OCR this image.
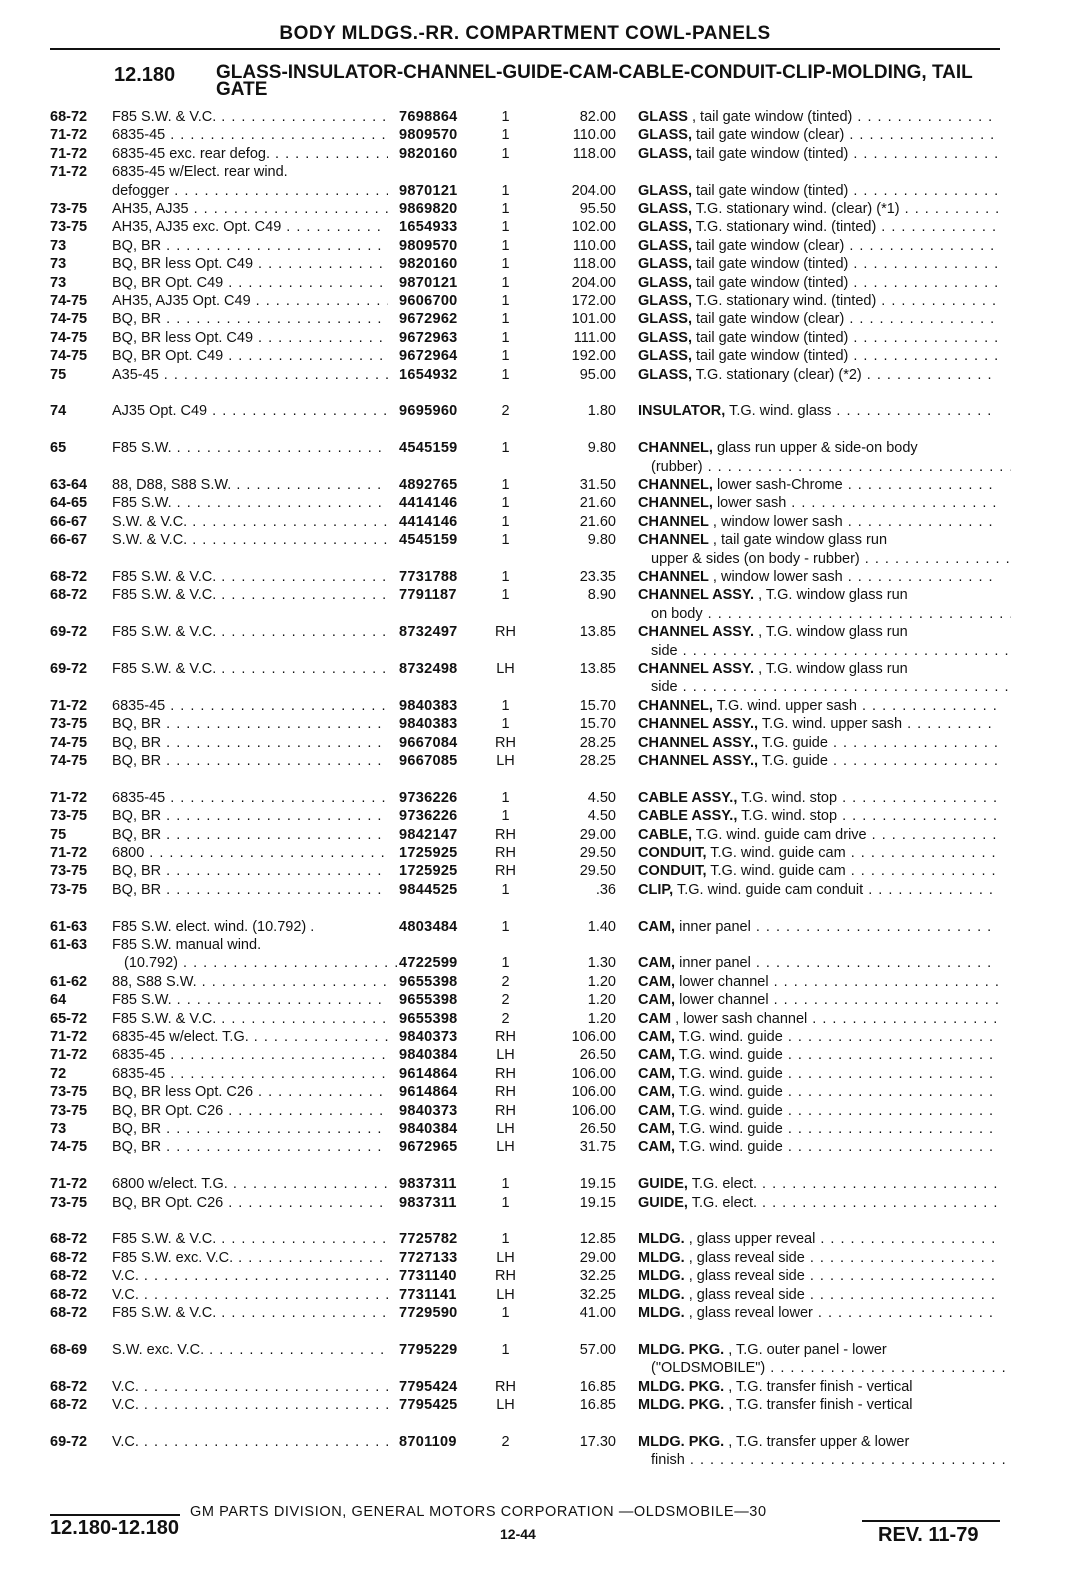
BODY MLDGS.-RR. COMPARTMENT COWL-PANELS
12.180 GLASS-INSULATOR-CHANNEL-GUIDE-CAM-CABLE-CONDUIT-CLIP-MOLDING, TAIL GATE
68-72 F85 S.W. & V.C. . . .	7698864	1	82.00 GLASS , tail gate window (tinted) . . .
71-72 6835-45 . . .	9809570	1	110.00 GLASS, tail gate window (clear) . . .
71-72 6835-45 exc. rear defog. . . .	9820160	1	118.00 GLASS, tail gate window (tinted) . . .
71-72 6835-45 w/Elect. rear wind.
defogger . . .	9870121	1	204.00 GLASS, tail gate window (tinted) . . .
73-75 AH35, AJ35 . . .	9869820	1	95.50 GLASS, T.G. stationary wind. (clear) (*1) . . .
73-75 AH35, AJ35 exc. Opt. C49 . . .	1654933	1	102.00 GLASS, T.G. stationary wind. (tinted) . . .
73	BQ, BR . . .	9809570	1	110.00 GLASS, tail gate window (clear) . . .
73	BQ, BR less Opt. C49 . . .	9820160	1	118.00 GLASS, tail gate window (tinted) . . .
73	BQ, BR Opt. C49 . . .	9870121	1	204.00 GLASS, tail gate window (tinted) . . .
74-75 AH35, AJ35 Opt. C49 . . .	9606700	1	172.00 GLASS, T.G. stationary wind. (tinted) . . .
74-75 BQ, BR . . .	9672962	1	101.00 GLASS, tail gate window (clear) . . .
74-75 BQ, BR less Opt. C49 . . .	9672963	1	111.00 GLASS, tail gate window (tinted) . . .
74-75 BQ, BR Opt. C49 . . .	9672964	1	192.00 GLASS, tail gate window (tinted) . . .
75	A35-45 . . .	1654932	1	95.00 GLASS, T.G. stationary (clear) (*2) . . .
74	AJ35 Opt. C49 . . .	9695960	2	1.80 INSULATOR, T.G. wind. glass . . .
65	F85 S.W. . . .	4545159	1	9.80 CHANNEL, glass run upper & side-on body
(rubber) . . .
63-64 88, D88, S88 S.W. . . .	4892765	1	31.50 CHANNEL, lower sash-Chrome . . .
64-65 F85 S.W. . . .	4414146	1	21.60 CHANNEL, lower sash . . .
66-67 S.W. & V.C. . . .	4414146	1	21.60 CHANNEL , window lower sash . . .
66-67 S.W. & V.C. . . .	4545159	1	9.80 CHANNEL , tail gate window glass run
upper & sides (on body - rubber) . . .
68-72 F85 S.W. & V.C. . . .	7731788	1	23.35 CHANNEL , window lower sash . . .
68-72 F85 S.W. & V.C. . . .	7791187	1	8.90 CHANNEL ASSY. , T.G. window glass run
on body . . .
69-72 F85 S.W. & V.C. . . .	8732497	RH	13.85 CHANNEL ASSY. , T.G. window glass run
side . . .
69-72 F85 S.W. & V.C. . . .	8732498	LH	13.85 CHANNEL ASSY. , T.G. window glass run
side . . .
71-72 6835-45 . . .	9840383	1	15.70 CHANNEL, T.G. wind. upper sash . . .
73-75 BQ, BR . . .	9840383	1	15.70 CHANNEL ASSY., T.G. wind. upper sash . . .
74-75 BQ, BR . . .	9667084	RH	28.25 CHANNEL ASSY., T.G. guide . . .
74-75 BQ, BR . . .	9667085	LH	28.25 CHANNEL ASSY., T.G. guide . . .
71-72 6835-45 . . .	9736226	1	4.50 CABLE ASSY., T.G. wind. stop . . .
73-75 BQ, BR . . .	9736226	1	4.50 CABLE ASSY., T.G. wind. stop . . .
75	BQ, BR . . .	9842147	RH	29.00 CABLE, T.G. wind. guide cam drive . . .
71-72 6800 . . .	1725925	RH	29.50 CONDUIT, T.G. wind. guide cam . . .
73-75 BQ, BR . . .	1725925	RH	29.50 CONDUIT, T.G. wind. guide cam . . .
73-75 BQ, BR . . .	9844525	1	.36 CLIP, T.G. wind. guide cam conduit . . .
61-63 F85 S.W. elect. wind. (10.792) .	4803484	1	1.40 CAM, inner panel . . .
61-63 F85 S.W. manual wind.
(10.792) . . .	4722599	1	1.30 CAM, inner panel . . .
61-62 88, S88 S.W. . . .	9655398	2	1.20 CAM, lower channel . . .
64	F85 S.W. . . .	9655398	2	1.20 CAM, lower channel . . .
65-72 F85 S.W. & V.C. . . .	9655398	2	1.20 CAM , lower sash channel . . .
71-72 6835-45 w/elect. T.G. . . .	9840373	RH	106.00 CAM, T.G. wind. guide . . .
71-72 6835-45 . . .	9840384	LH	26.50 CAM, T.G. wind. guide . . .
72	6835-45 . . .	9614864	RH	106.00 CAM, T.G. wind. guide . . .
73-75 BQ, BR less Opt. C26 . . .	9614864	RH	106.00 CAM, T.G. wind. guide . . .
73-75 BQ, BR Opt. C26 . . .	9840373	RH	106.00 CAM, T.G. wind. guide . . .
73	BQ, BR . . .	9840384	LH	26.50 CAM, T.G. wind. guide . . .
74-75 BQ, BR . . .	9672965	LH	31.75 CAM, T.G. wind. guide . . .
71-72 6800 w/elect. T.G. . . .	9837311	1	19.15 GUIDE, T.G. elect. . . .
73-75 BQ, BR Opt. C26 . . .	9837311	1	19.15 GUIDE, T.G. elect. . . .
68-72 F85 S.W. & V.C. . . .	7725782	1	12.85 MLDG. , glass upper reveal . . .
68-72 F85 S.W. exc. V.C. . . .	7727133	LH	29.00 MLDG. , glass reveal side . . .
68-72 V.C. . . .	7731140	RH	32.25 MLDG. , glass reveal side . . .
68-72 V.C. . . .	7731141	LH	32.25 MLDG. , glass reveal side . . .
68-72 F85 S.W. & V.C. . . .	7729590	1	41.00 MLDG. , glass reveal lower . . .
68-69 S.W. exc. V.C. . . .	7795229	1	57.00 MLDG. PKG. , T.G. outer panel - lower
("OLDSMOBILE") . . .
68-72 V.C. . . .	7795424	RH	16.85 MLDG. PKG. , T.G. transfer finish - vertical
68-72 V.C. . . .	7795425	LH	16.85 MLDG. PKG. , T.G. transfer finish - vertical
69-72 V.C. . . .	8701109	2	17.30 MLDG. PKG. , T.G. transfer upper & lower
finish . . .
GM PARTS DIVISION, GENERAL MOTORS CORPORATION —OLDSMOBILE—30
12.180-12.180	12-44	REV. 11-79
